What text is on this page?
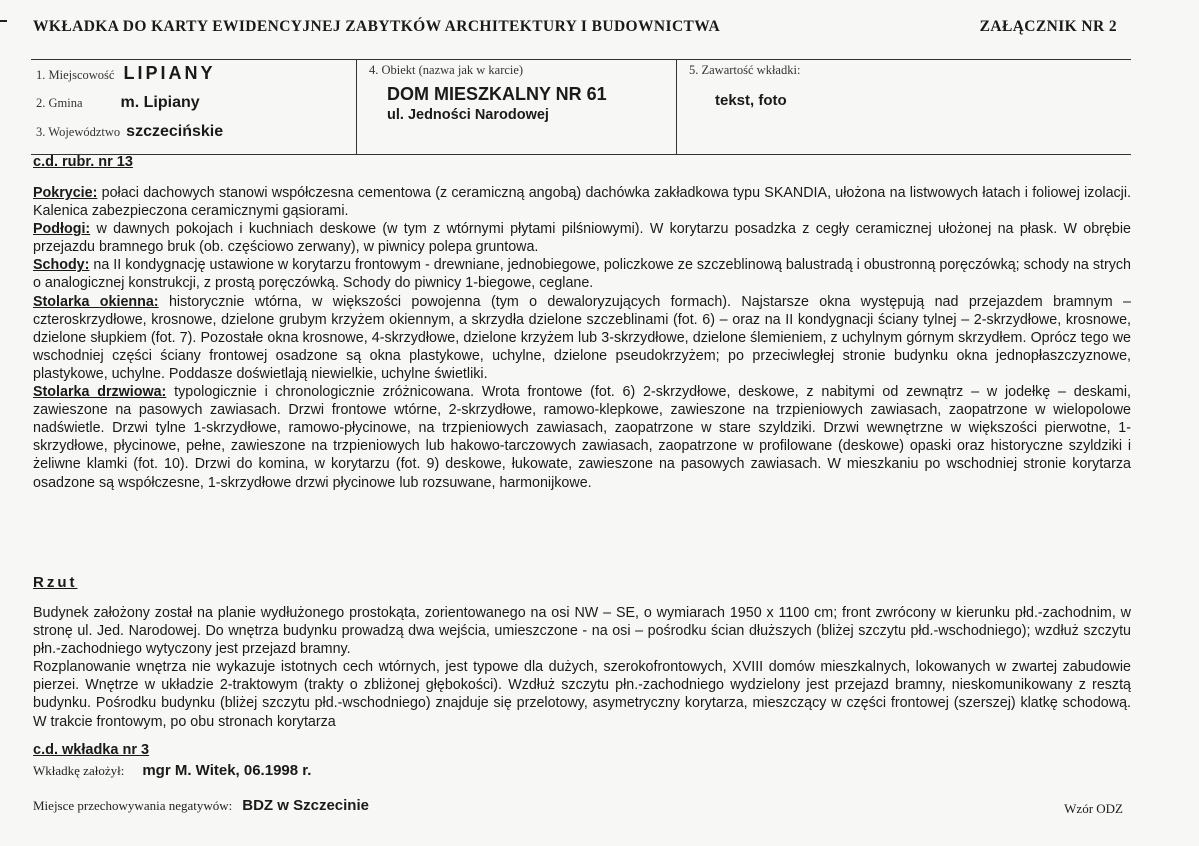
WKŁADKA DO KARTY EWIDENCYJNEJ ZABYTKÓW ARCHITEKTURY I BUDOWNICTWA	ZAŁĄCZNIK NR 2
1. Miejscowość LIPIANY
2. Gmina m. Lipiany
3. Województwo szczecińskie
4. Obiekt (nazwa jak w karcie)
DOM MIESZKALNY NR 61
ul. Jedności Narodowej
5. Zawartość wkładki:
tekst, foto
c.d. rubr. nr 13

Pokrycie: połaci dachowych stanowi współczesna cementowa (z ceramiczną angobą) dachówka zakładkowa typu SKANDIA, ułożona na listwowych łatach i foliowej izolacji. Kalenica zabezpieczona ceramicznymi gąsiorami.

Podłogi: w dawnych pokojach i kuchniach deskowe (w tym z wtórnymi płytami pilśniowymi). W korytarzu posadzka z cegły ceramicznej ułożonej na płask. W obrębie przejazdu bramnego bruk (ob. częściowo zerwany), w piwnicy polepa gruntowa.

Schody: na II kondygnację ustawione w korytarzu frontowym - drewniane, jednobiegowe, policzkowe ze szczeblinową balustradą i obustronną poręczówką; schody na strych o analogicznej konstrukcji, z prostą poręczówką. Schody do piwnicy 1-biegowe, ceglane.

Stolarka okienna: historycznie wtórna, w większości powojenna (tym o dewaloryzujących formach). Najstarsze okna występują nad przejazdem bramnym – czteroskrzydłowe, krosnowe, dzielone grubym krzyżem okiennym, a skrzydła dzielone szczeblinami (fot. 6) – oraz na II kondygnacji ściany tylnej – 2-skrzydłowe, krosnowe, dzielone słupkiem (fot. 7). Pozostałe okna krosnowe, 4-skrzydłowe, dzielone krzyżem lub 3-skrzydłowe, dzielone ślemieniem, z uchylnym górnym skrzydłem. Oprócz tego we wschodniej części ściany frontowej osadzone są okna plastykowe, uchylne, dzielone pseudokrzyżem; po przeciwległej stronie budynku okna jednopłaszczyznowe, plastykowe, uchylne. Poddasze doświetlają niewielkie, uchylne świetliki.

Stolarka drzwiowa: typologicznie i chronologicznie zróżnicowana. Wrota frontowe (fot. 6) 2-skrzydłowe, deskowe, z nabitymi od zewnątrz – w jodełkę – deskami, zawieszone na pasowych zawiasach. Drzwi frontowe wtórne, 2-skrzydłowe, ramowo-klepkowe, zawieszone na trzpieniowych zawiasach, zaopatrzone w wielopolowe nadświetle. Drzwi tylne 1-skrzydłowe, ramowo-płycinowe, na trzpieniowych zawiasach, zaopatrzone w stare szyldziki. Drzwi wewnętrzne w większości pierwotne, 1-skrzydłowe, płycinowe, pełne, zawieszone na trzpieniowych lub hakowo-tarczowych zawiasach, zaopatrzone w profilowane (deskowe) opaski oraz historyczne szyldziki i żeliwne klamki (fot. 10). Drzwi do komina, w korytarzu (fot. 9) deskowe, łukowate, zawieszone na pasowych zawiasach. W mieszkaniu po wschodniej stronie korytarza osadzone są współczesne, 1-skrzydłowe drzwi płycinowe lub rozsuwane, harmonijkowe.

Rzut

Budynek założony został na planie wydłużonego prostokąta, zorientowanego na osi NW – SE, o wymiarach 1950 x 1100 cm; front zwrócony w kierunku płd.-zachodnim, w stronę ul. Jed. Narodowej. Do wnętrza budynku prowadzą dwa wejścia, umieszczone - na osi – pośrodku ścian dłuższych (bliżej szczytu płd.-wschodniego); wzdłuż szczytu płn.-zachodniego wytyczony jest przejazd bramny.

Rozplanowanie wnętrza nie wykazuje istotnych cech wtórnych, jest typowe dla dużych, szerokofrontowych, XVIII domów mieszkalnych, lokowanych w zwartej zabudowie pierzei. Wnętrze w układzie 2-traktowym (trakty o zbliżonej głębokości). Wzdłuż szczytu płn.-zachodniego wydzielony jest przejazd bramny, nieskomunikowany z resztą budynku. Pośrodku budynku (bliżej szczytu płd.-wschodniego) znajduje się przelotowy, asymetryczny korytarza, mieszczący w części frontowej (szerszej) klatkę schodową. W trakcie frontowym, po obu stronach korytarza

c.d. wkładka nr 3
Wkładkę założył: mgr M. Witek, 06.1998 r.
Miejsce przechowywania negatywów: BDZ w Szczecinie	Wzór ODZ
